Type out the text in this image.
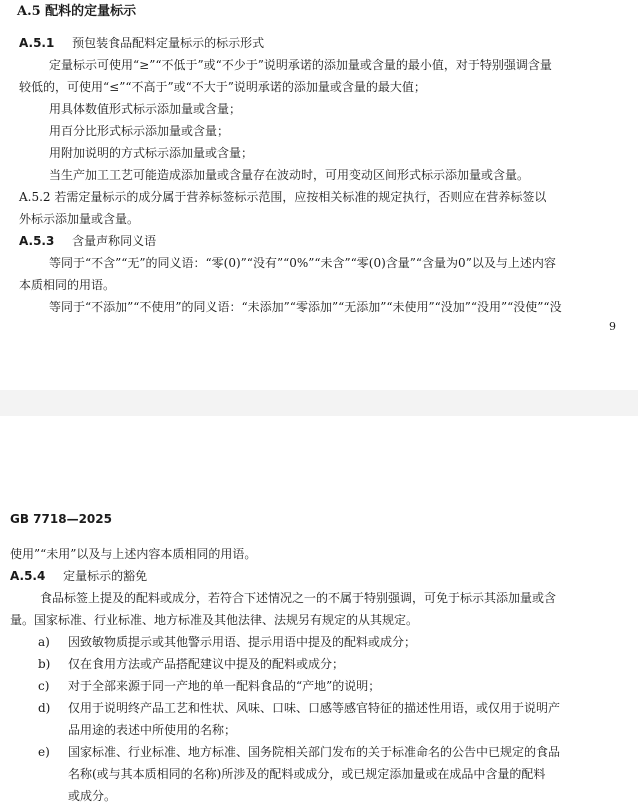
A.5 配料的定量标示
A.5.1 预包装食品配料定量标示的标示形式
定量标示可使用“≥”“不低于”或“不少于”说明承诺的添加量或含量的最小值，对于特别强调含量
较低的，可使用“≤”“不高于”或“不大于”说明承诺的添加量或含量的最大值；
用具体数值形式标示添加量或含量；
用百分比形式标示添加量或含量；
用附加说明的方式标示添加量或含量；
当生产加工工艺可能造成添加量或含量存在波动时，可用变动区间形式标示添加量或含量。
A.5.2 若需定量标示的成分属于营养标签标示范围，应按相关标准的规定执行，否则应在营养标签以
外标示添加量或含量。
A.5.3 含量声称同义语
等同于“不含”“无”的同义语：“零(0)”“没有”“0%”“未含”“零(0)含量”“含量为0”以及与上述内容
本质相同的用语。
等同于“不添加”“不使用”的同义语：“未添加”“零添加”“无添加”“未使用”“没加”“没用”“没使”“没
9
GB 7718—2025
使用”“未用”以及与上述内容本质相同的用语。
A.5.4 定量标示的豁免
食品标签上提及的配料或成分，若符合下述情况之一的不属于特别强调，可免于标示其添加量或含
量。国家标准、行业标准、地方标准及其他法律、法规另有规定的从其规定。
a) 因致敏物质提示或其他警示用语、提示用语中提及的配料或成分；
b) 仅在食用方法或产品搭配建议中提及的配料或成分；
c) 对于全部来源于同一产地的单一配料食品的“产地”的说明；
d) 仅用于说明终产品工艺和性状、风味、口味、口感等感官特征的描述性用语，或仅用于说明产
品用途的表述中所使用的名称；
e) 国家标准、行业标准、地方标准、国务院相关部门发布的关于标准命名的公告中已规定的食品
名称(或与其本质相同的名称)所涉及的配料或成分，或已规定添加量或在成品中含量的配料
或成分。
